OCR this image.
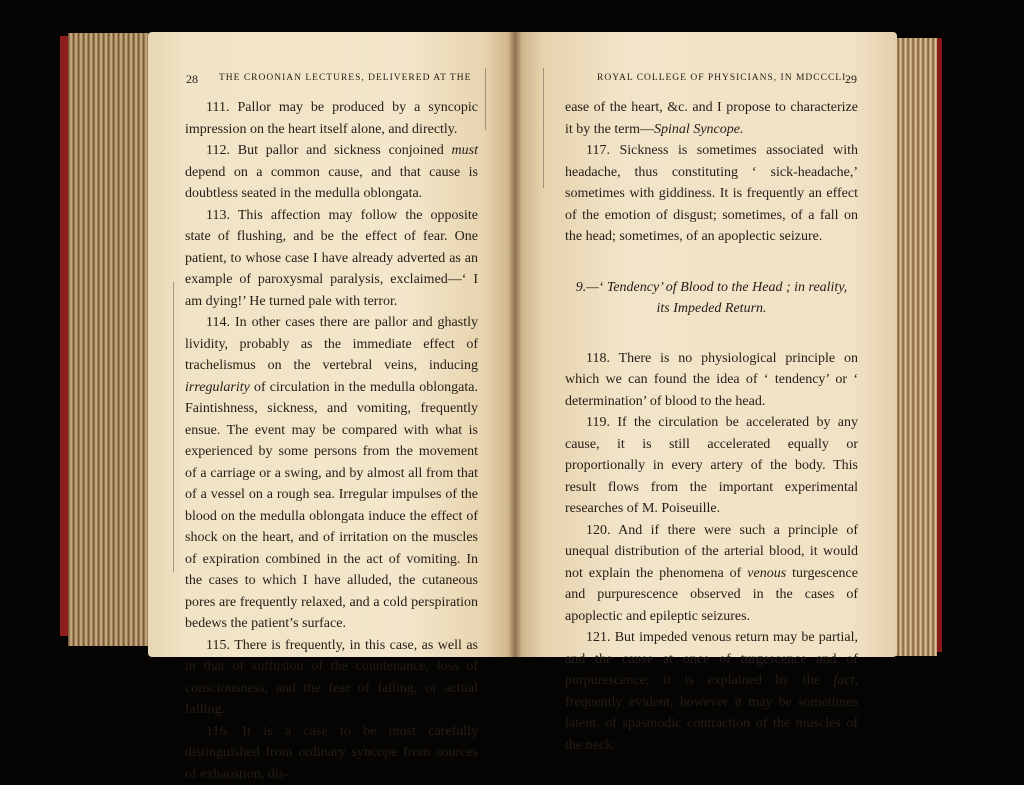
28 THE CROONIAN LECTURES, DELIVERED AT THE

111. Pallor may be produced by a syncopic impression on the heart itself alone, and directly.

112. But pallor and sickness conjoined must depend on a common cause, and that cause is doubtless seated in the medulla oblongata.

113. This affection may follow the opposite state of flushing, and be the effect of fear. One patient, to whose case I have already adverted as an example of paroxysmal paralysis, exclaimed—‘ I am dying!’ He turned pale with terror.

114. In other cases there are pallor and ghastly lividity, probably as the immediate effect of trachelismus on the vertebral veins, inducing irregularity of circulation in the medulla oblongata. Faintishness, sickness, and vomiting, frequently ensue. The event may be compared with what is experienced by some persons from the movement of a carriage or a swing, and by almost all from that of a vessel on a rough sea. Irregular impulses of the blood on the medulla oblongata induce the effect of shock on the heart, and of irritation on the muscles of expiration combined in the act of vomiting. In the cases to which I have alluded, the cutaneous pores are frequently relaxed, and a cold perspiration bedews the patient’s surface.

115. There is frequently, in this case, as well as in that of suffusion of the countenance, loss of consciousness, and the fear of falling, or actual falling.

116. It is a case to be most carefully distinguished from ordinary syncope from sources of exhaustion, dis-

ROYAL COLLEGE OF PHYSICIANS, IN MDCCCLI.
29

ease of the heart, &c. and I propose to characterize it by the term—Spinal Syncope.

117. Sickness is sometimes associated with headache, thus constituting ‘ sick-headache,’ sometimes with giddiness. It is frequently an effect of the emotion of disgust; sometimes, of a fall on the head; sometimes, of an apoplectic seizure.

9.—‘ Tendency’ of Blood to the Head ; in reality,
its Impeded Return.

118. There is no physiological principle on which we can found the idea of ‘ tendency’ or ‘ determination’ of blood to the head.

119. If the circulation be accelerated by any cause, it is still accelerated equally or proportionally in every artery of the body. This result flows from the important experimental researches of M. Poiseuille.

120. And if there were such a principle of unequal distribution of the arterial blood, it would not explain the phenomena of venous turgescence and purpurescence observed in the cases of apoplectic and epileptic seizures.

121. But impeded venous return may be partial, and the cause at once of turgescence and of purpurescence; it is explained by the fact, frequently evident, however it may be sometimes latent, of spasmodic contraction of the muscles of the neck.
